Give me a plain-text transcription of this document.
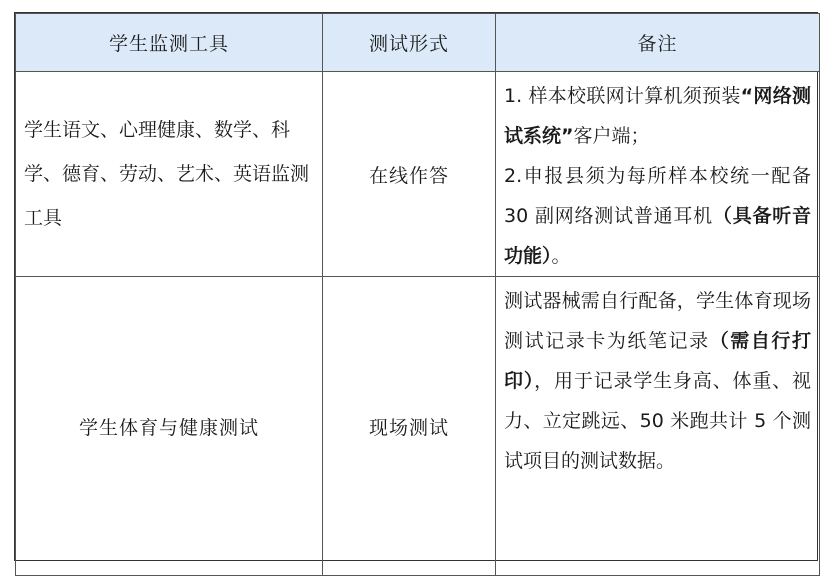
学生监测工具	测试形式	备注
学生语文、心理健康、数学、科学、德育、劳动、艺术、英语监测工具	在线作答	1. 样本校联网计算机须预装“网络测试系统”客户端；
2.申报县须为每所样本校统一配备 30 副网络测试普通耳机（具备听音功能）。

学生体育与健康测试	现场测试	测试器械需自行配备，学生体育现场测试记录卡为纸笔记录（需自行打印），用于记录学生身高、体重、视力、立定跳远、50 米跑共计 5 个测试项目的测试数据。
